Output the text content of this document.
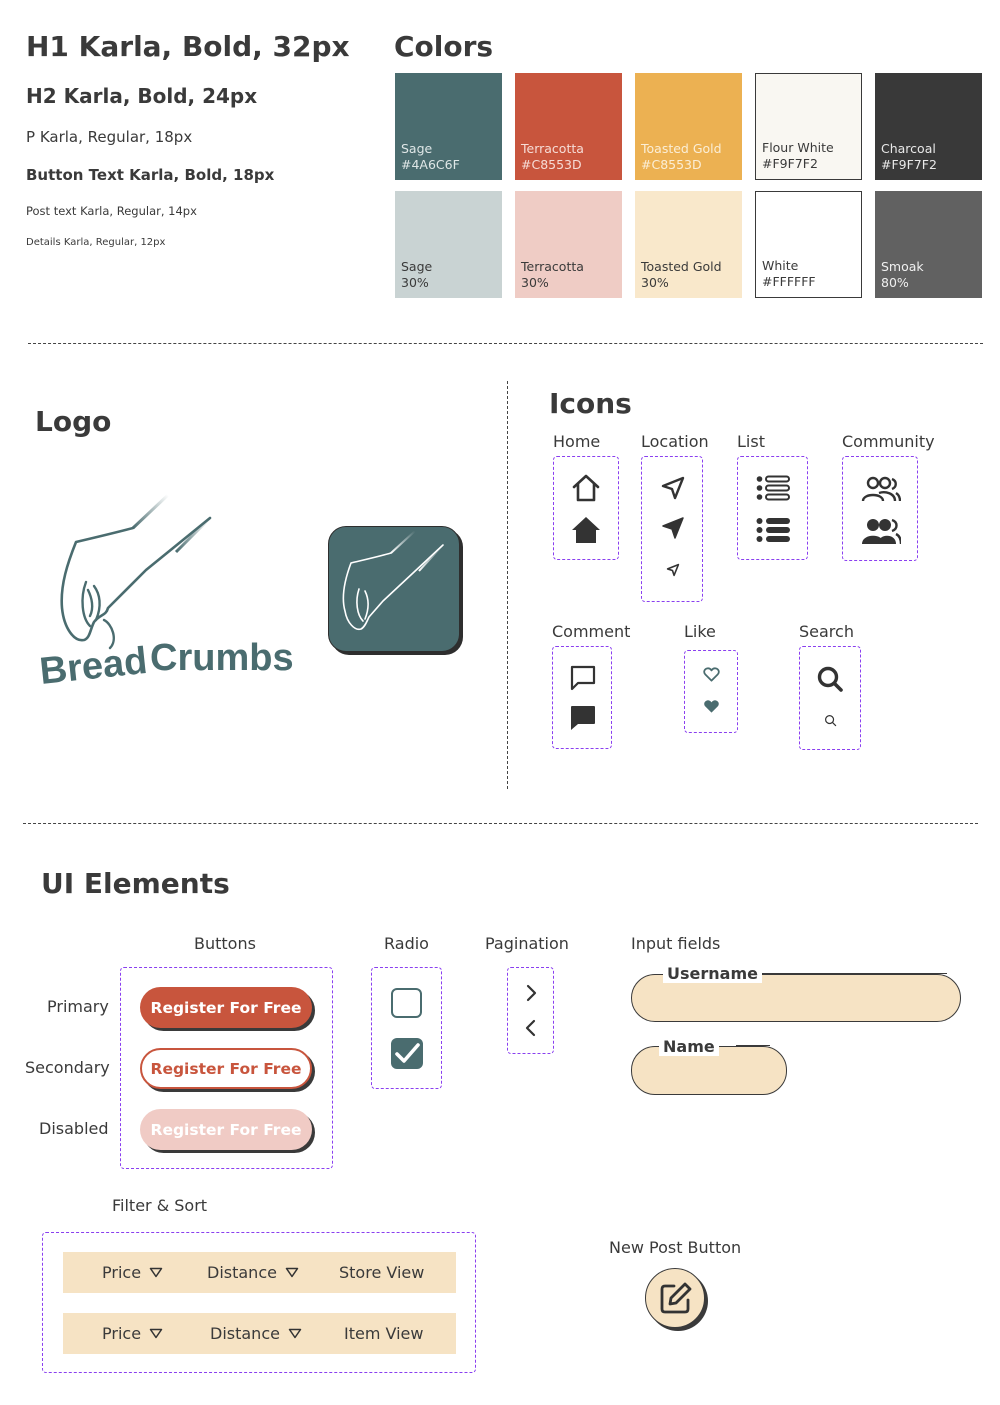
H1 Karla, Bold, 32px
H2 Karla, Bold, 24px
P Karla, Regular, 18px
Button Text Karla, Bold, 18px
Post text Karla, Regular, 14px
Details Karla, Regular, 12px
Colors
Sage
#4A6C6F
Terracotta
#C8553D
Toasted Gold
#C8553D
Flour White
#F9F7F2
Charcoal
#F9F7F2
Sage
30%
Terracotta
30%
Toasted Gold
30%
White
#FFFFFF
Smoak
80%
Logo
Bread Crumbs
Icons
Home	Location List	Community
Comment	Like	Search
UI Elements
Buttons	Radio	Pagination	Input fields
Primary
Secondary
Disabled
Register For Free
Register For Free
Register For Free
Username
Name
Filter & Sort
Price	Distance	Store View
Price	Distance	Item View
New Post Button
